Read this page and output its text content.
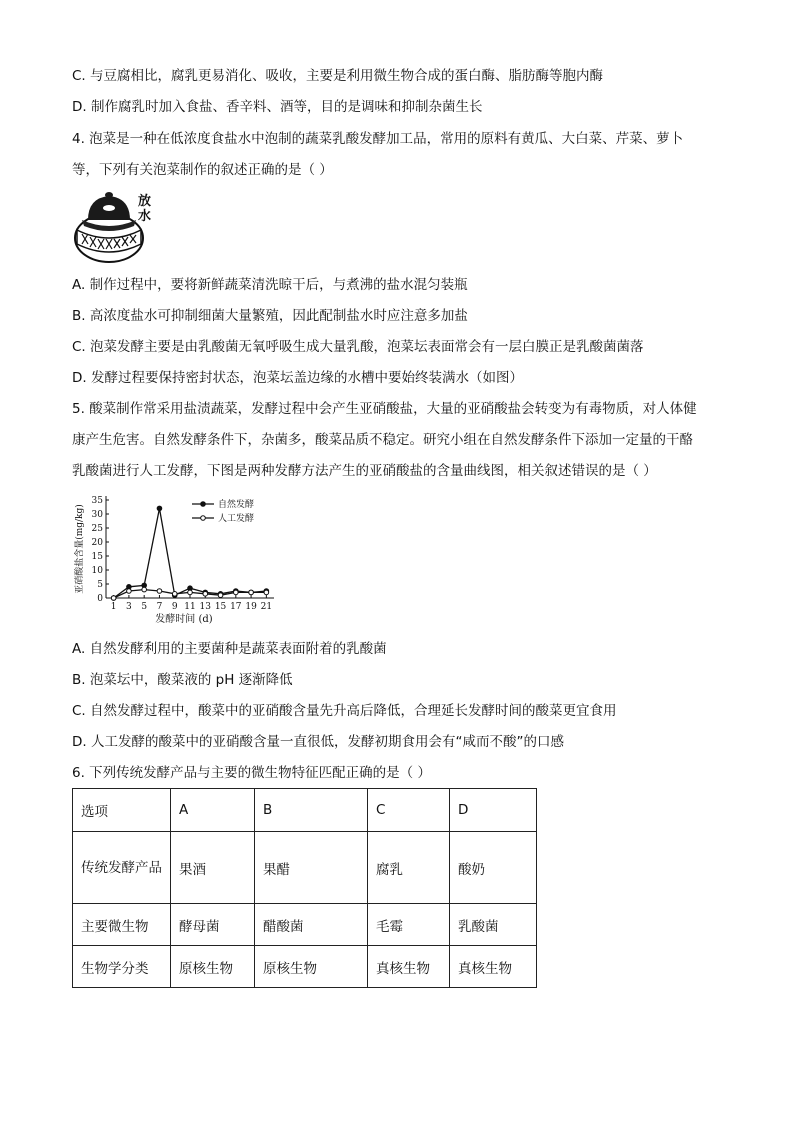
C. 与豆腐相比，腐乳更易消化、吸收，主要是利用微生物合成的蛋白酶、脂肪酶等胞内酶
D. 制作腐乳时加入食盐、香辛料、酒等，目的是调味和抑制杂菌生长
4. 泡菜是一种在低浓度食盐水中泡制的蔬菜乳酸发酵加工品，常用的原料有黄瓜、大白菜、芹菜、萝卜
等，下列有关泡菜制作的叙述正确的是（ ）
放水
A. 制作过程中，要将新鲜蔬菜清洗晾干后，与煮沸的盐水混匀装瓶
B. 高浓度盐水可抑制细菌大量繁殖，因此配制盐水时应注意多加盐
C. 泡菜发酵主要是由乳酸菌无氧呼吸生成大量乳酸，泡菜坛表面常会有一层白膜正是乳酸菌菌落
D. 发酵过程要保持密封状态，泡菜坛盖边缘的水槽中要始终装满水（如图）
5. 酸菜制作常采用盐渍蔬菜，发酵过程中会产生亚硝酸盐，大量的亚硝酸盐会转变为有毒物质，对人体健
康产生危害。自然发酵条件下，杂菌多，酸菜品质不稳定。研究小组在自然发酵条件下添加一定量的干酪
乳酸菌进行人工发酵，下图是两种发酵方法产生的亚硝酸盐的含量曲线图，相关叙述错误的是（ ）
0
5
10
15
20
25
30
35
1 3 5 7 9 11 13 15 17 19 21
发酵时间 (d)
亚硝酸盐含量(mg/kg)	自然发酵
人工发酵
A. 自然发酵利用的主要菌种是蔬菜表面附着的乳酸菌
B. 泡菜坛中，酸菜液的 pH 逐渐降低
C. 自然发酵过程中，酸菜中的亚硝酸含量先升高后降低，合理延长发酵时间的酸菜更宜食用
D. 人工发酵的酸菜中的亚硝酸含量一直很低，发酵初期食用会有“咸而不酸”的口感
6. 下列传统发酵产品与主要的微生物特征匹配正确的是（ ）
选项	A	B	C	D
传统发酵产品	果酒	果醋	腐乳	酸奶
主要微生物	酵母菌	醋酸菌	毛霉	乳酸菌
生物学分类	原核生物	原核生物	真核生物	真核生物
